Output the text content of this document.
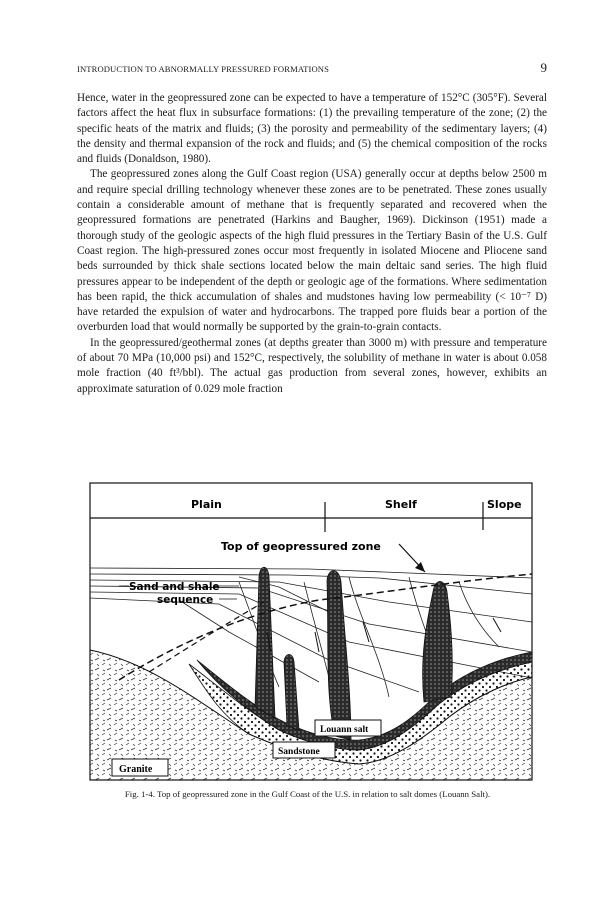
INTRODUCTION TO ABNORMALLY PRESSURED FORMATIONS	9

Hence, water in the geopressured zone can be expected to have a temperature of 152°C (305°F). Several factors affect the heat flux in subsurface formations: (1) the prevailing temperature of the zone; (2) the specific heats of the matrix and fluids; (3) the porosity and permeability of the sedimentary layers; (4) the density and thermal expansion of the rock and fluids; and (5) the chemical composition of the rocks and fluids (Donaldson, 1980).

The geopressured zones along the Gulf Coast region (USA) generally occur at depths below 2500 m and require special drilling technology whenever these zones are to be penetrated. These zones usually contain a considerable amount of methane that is frequently separated and recovered when the geopressured formations are penetrated (Harkins and Baugher, 1969). Dickinson (1951) made a thorough study of the geologic aspects of the high fluid pressures in the Tertiary Basin of the U.S. Gulf Coast region. The high-pressured zones occur most frequently in isolated Miocene and Pliocene sand beds surrounded by thick shale sections located below the main deltaic sand series. The high fluid pressures appear to be independent of the depth or geologic age of the formations. Where sedimentation has been rapid, the thick accumulation of shales and mudstones having low permeability (< 10⁻⁷ D) have retarded the expulsion of water and hydrocarbons. The trapped pore fluids bear a portion of the overburden load that would normally be supported by the grain-to-grain contacts.

In the geopressured/geothermal zones (at depths greater than 3000 m) with pressure and temperature of about 70 MPa (10,000 psi) and 152°C, respectively, the solubility of methane in water is about 0.058 mole fraction (40 ft³/bbl). The actual gas production from several zones, however, exhibits an approximate saturation of 0.029 mole fraction

Plain	Shelf	Slope
Top of geopressured zone
Sand and shale
sequence
Louann salt
Sandstone
Granite
Fig. 1-4. Top of geopressured zone in the Gulf Coast of the U.S. in relation to salt domes (Louann Salt).
